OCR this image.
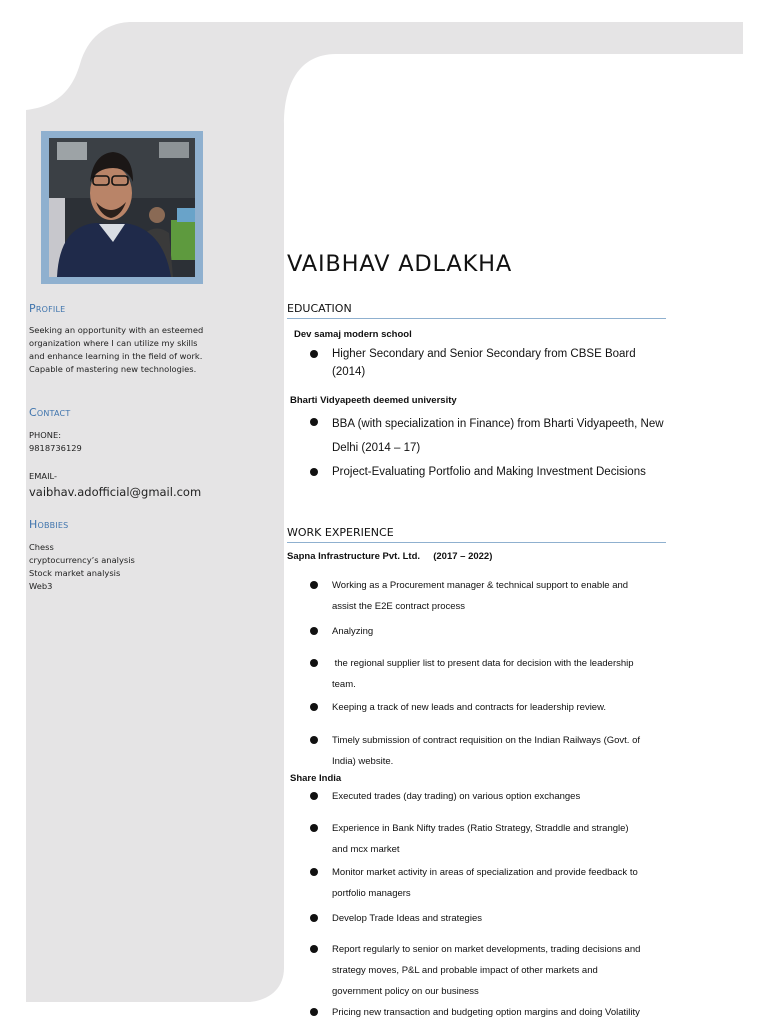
Profile
Seeking an opportunity with an esteemed
organization where I can utilize my skills
and enhance learning in the field of work.
Capable of mastering new technologies.
Contact
PHONE:
9818736129
EMAIL-
vaibhav.adofficial@gmail.com
Hobbies
Chess
cryptocurrency’s analysis
Stock market analysis
Web3
VAIBHAV ADLAKHA
EDUCATION
Dev samaj modern school
Higher Secondary and Senior Secondary from CBSE Board
(2014)
Bharti Vidyapeeth deemed university
BBA (with specialization in Finance) from Bharti Vidyapeeth, New
Delhi (2014 – 17)
Project-Evaluating Portfolio and Making Investment Decisions
WORK EXPERIENCE
Sapna Infrastructure Pvt. Ltd.     (2017 – 2022)
Working as a Procurement manager & technical support to enable and
assist the E2E contract process
Analyzing
the regional supplier list to present data for decision with the leadership
team.
Keeping a track of new leads and contracts for leadership review.
Timely submission of contract requisition on the Indian Railways (Govt. of
India) website.
Share India
Executed trades (day trading) on various option exchanges
Experience in Bank Nifty trades (Ratio Strategy, Straddle and strangle)
and mcx market
Monitor market activity in areas of specialization and provide feedback to
portfolio managers
Develop Trade Ideas and strategies
Report regularly to senior on market developments, trading decisions and
strategy moves, P&L and probable impact of other markets and
government policy on our business
Pricing new transaction and budgeting option margins and doing Volatility
